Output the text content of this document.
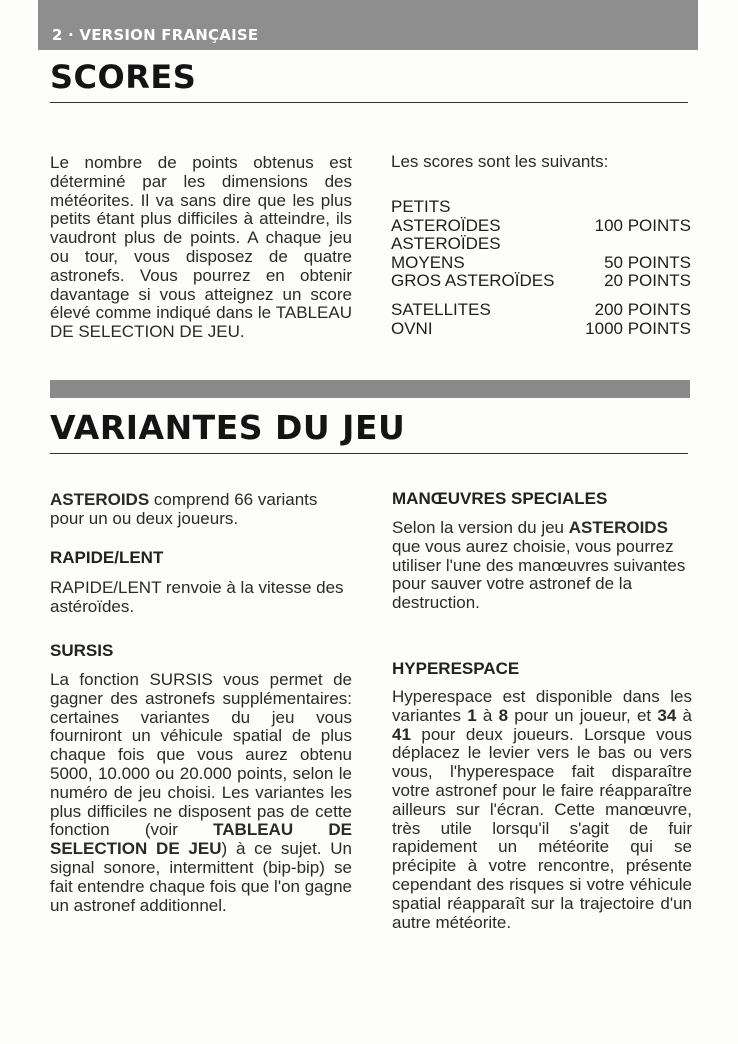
2 · VERSION FRANÇAISE
SCORES

Le nombre de points obtenus est déterminé par les dimensions des météorites. Il va sans dire que les plus petits étant plus difficiles à atteindre, ils vaudront plus de points. A chaque jeu ou tour, vous disposez de quatre astronefs. Vous pourrez en obtenir davantage si vous atteignez un score élevé comme indiqué dans le TABLEAU DE SELECTION DE JEU.

Les scores sont les suivants:

PETITS
ASTEROÏDES	100 POINTS
ASTEROÏDES
MOYENS	50 POINTS
GROS ASTEROÏDES	20 POINTS
SATELLITES	200 POINTS
OVNI	1000 POINTS
VARIANTES DU JEU

ASTEROIDS comprend 66 variants pour un ou deux joueurs.

RAPIDE/LENT

RAPIDE/LENT renvoie à la vitesse des astéroïdes.

SURSIS

La fonction SURSIS vous permet de gagner des astronefs supplémentaires: certaines variantes du jeu vous fourniront un véhicule spatial de plus chaque fois que vous aurez obtenu 5000, 10.000 ou 20.000 points, selon le numéro de jeu choisi. Les variantes les plus difficiles ne disposent pas de cette fonction (voir TABLEAU DE SELECTION DE JEU) à ce sujet. Un signal sonore, intermittent (bip-bip) se fait entendre chaque fois que l'on gagne un astronef additionnel.

MANŒUVRES SPECIALES

Selon la version du jeu ASTEROIDS que vous aurez choisie, vous pourrez utiliser l'une des manœuvres suivantes pour sauver votre astronef de la destruction.

HYPERESPACE

Hyperespace est disponible dans les variantes 1 à 8 pour un joueur, et 34 à 41 pour deux joueurs. Lorsque vous déplacez le levier vers le bas ou vers vous, l'hyperespace fait disparaître votre astronef pour le faire réapparaître ailleurs sur l'écran. Cette manœuvre, très utile lorsqu'il s'agit de fuir rapidement un météorite qui se précipite à votre rencontre, présente cependant des risques si votre véhicule spatial réapparaît sur la trajectoire d'un autre météorite.
